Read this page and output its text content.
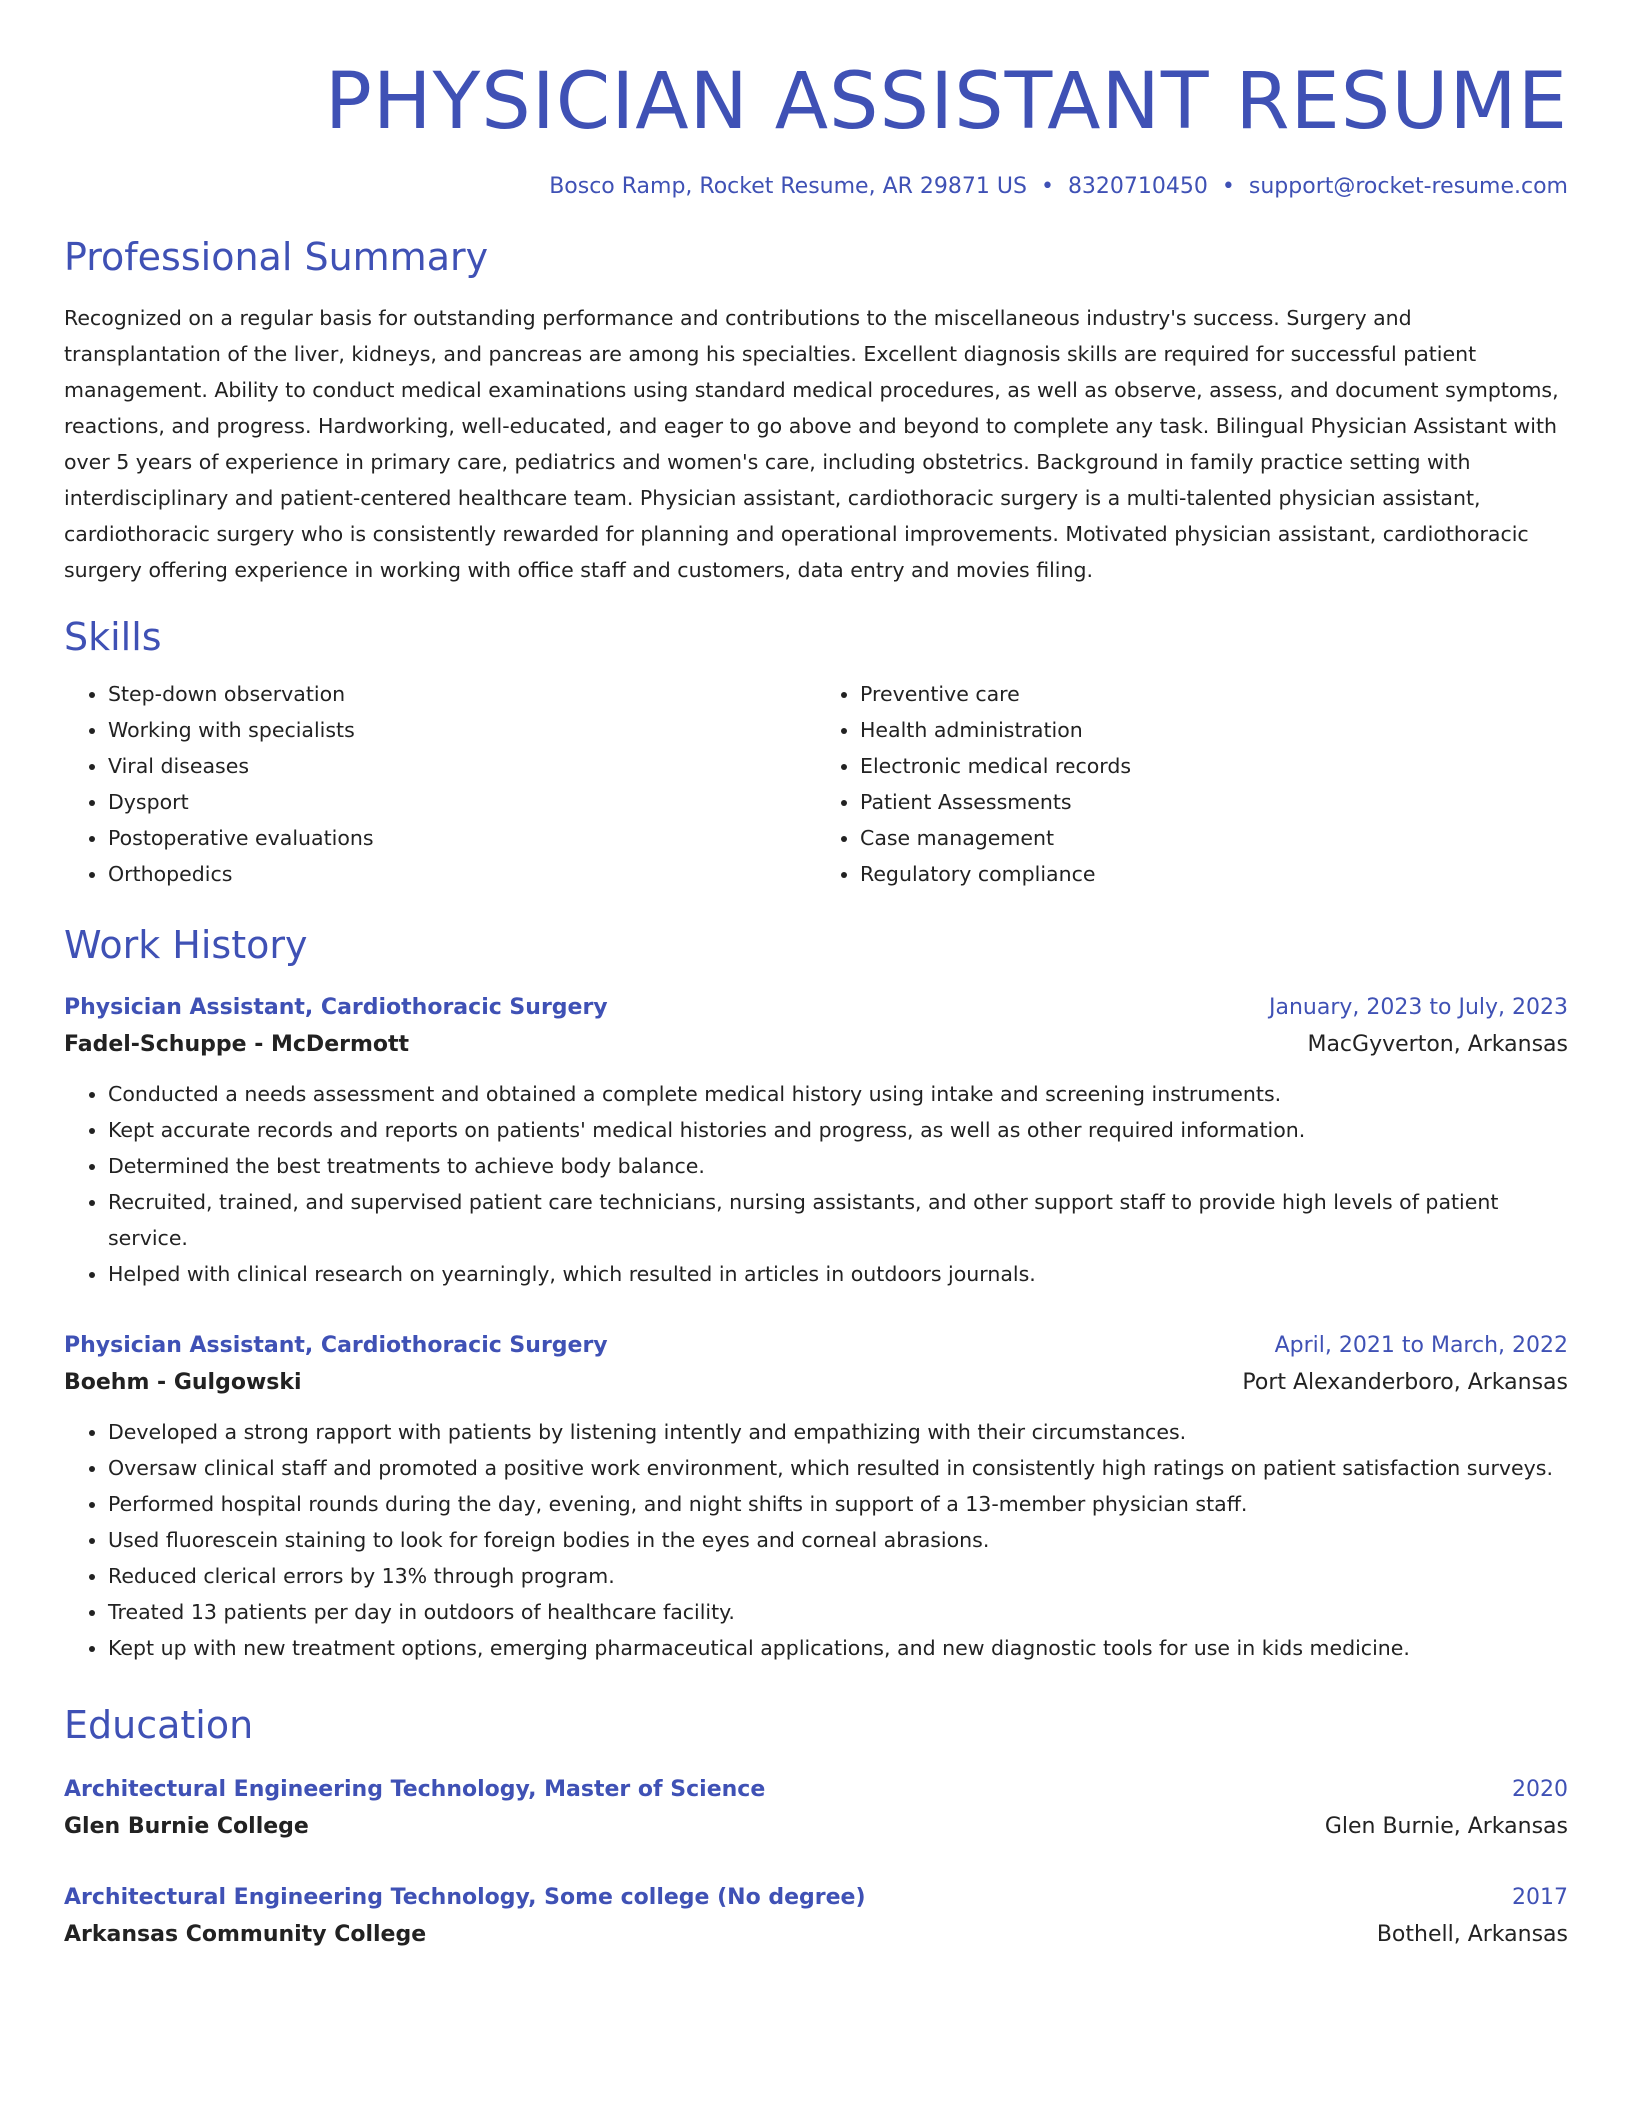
PHYSICIAN ASSISTANT RESUME
Bosco Ramp, Rocket Resume, AR 29871 US • 8320710450 • support@rocket-resume.com
Professional Summary

Recognized on a regular basis for outstanding performance and contributions to the miscellaneous industry's success. Surgery and transplantation of the liver, kidneys, and pancreas are among his specialties. Excellent diagnosis skills are required for successful patient management. Ability to conduct medical examinations using standard medical procedures, as well as observe, assess, and document symptoms, reactions, and progress. Hardworking, well-educated, and eager to go above and beyond to complete any task. Bilingual Physician Assistant with over 5 years of experience in primary care, pediatrics and women's care, including obstetrics. Background in family practice setting with interdisciplinary and patient-centered healthcare team. Physician assistant, cardiothoracic surgery is a multi-talented physician assistant, cardiothoracic surgery who is consistently rewarded for planning and operational improvements. Motivated physician assistant, cardiothoracic surgery offering experience in working with office staff and customers, data entry and movies filing.

Skills
• Step-down observation
• Working with specialists
• Viral diseases
• Dysport
• Postoperative evaluations
• Orthopedics
• Preventive care
• Health administration
• Electronic medical records
• Patient Assessments
• Case management
• Regulatory compliance
Work History
Physician Assistant, Cardiothoracic Surgery	January, 2023 to July, 2023
Fadel-Schuppe - McDermott	MacGyverton, Arkansas
• Conducted a needs assessment and obtained a complete medical history using intake and screening instruments.
• Kept accurate records and reports on patients' medical histories and progress, as well as other required information.
• Determined the best treatments to achieve body balance.
• Recruited, trained, and supervised patient care technicians, nursing assistants, and other support staff to provide high levels of patient service.
• Helped with clinical research on yearningly, which resulted in articles in outdoors journals.
Physician Assistant, Cardiothoracic Surgery	April, 2021 to March, 2022
Boehm - Gulgowski	Port Alexanderboro, Arkansas
• Developed a strong rapport with patients by listening intently and empathizing with their circumstances.
• Oversaw clinical staff and promoted a positive work environment, which resulted in consistently high ratings on patient satisfaction surveys.
• Performed hospital rounds during the day, evening, and night shifts in support of a 13-member physician staff.
• Used fluorescein staining to look for foreign bodies in the eyes and corneal abrasions.
• Reduced clerical errors by 13% through program.
• Treated 13 patients per day in outdoors of healthcare facility.
• Kept up with new treatment options, emerging pharmaceutical applications, and new diagnostic tools for use in kids medicine.
Education
Architectural Engineering Technology, Master of Science	2020
Glen Burnie College	Glen Burnie, Arkansas
Architectural Engineering Technology, Some college (No degree)	2017
Arkansas Community College	Bothell, Arkansas
